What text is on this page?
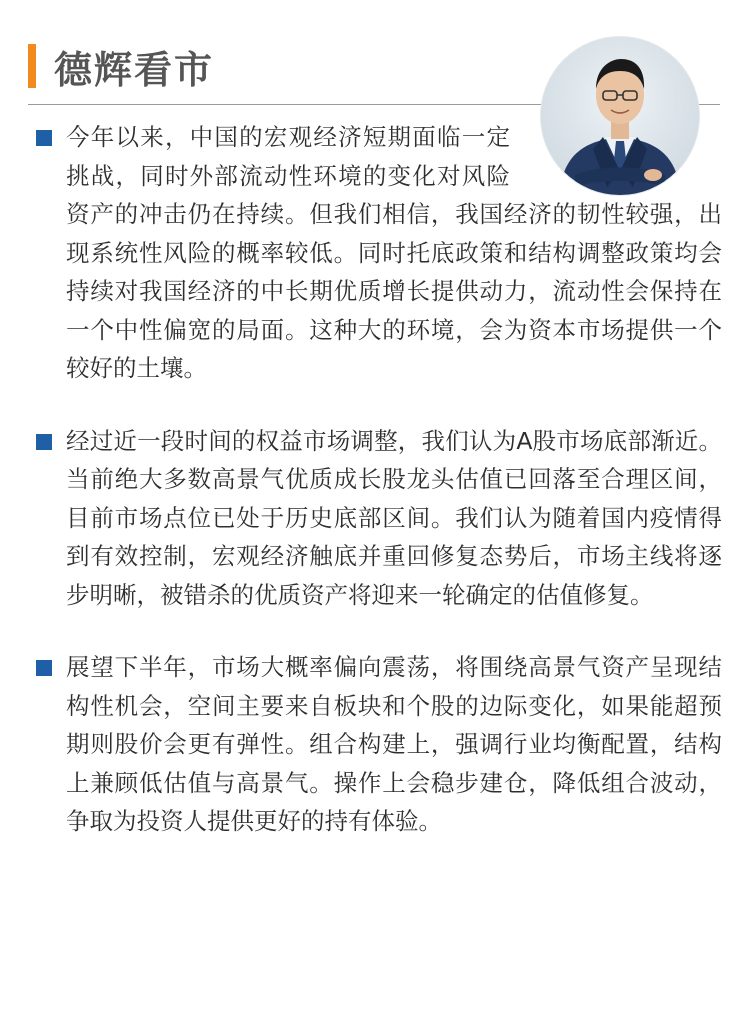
德辉看市

今年以来，中国的宏观经济短期面临一定挑战，同时外部流动性环境的变化对风险资产的冲击仍在持续。但我们相信，我国经济的韧性较强，出现系统性风险的概率较低。同时托底政策和结构调整政策均会持续对我国经济的中长期优质增长提供动力，流动性会保持在一个中性偏宽的局面。这种大的环境，会为资本市场提供一个较好的土壤。

经过近一段时间的权益市场调整，我们认为A股市场底部渐近。当前绝大多数高景气优质成长股龙头估值已回落至合理区间，目前市场点位已处于历史底部区间。我们认为随着国内疫情得到有效控制，宏观经济触底并重回修复态势后，市场主线将逐步明晰，被错杀的优质资产将迎来一轮确定的估值修复。

展望下半年，市场大概率偏向震荡，将围绕高景气资产呈现结构性机会，空间主要来自板块和个股的边际变化，如果能超预期则股价会更有弹性。组合构建上，强调行业均衡配置，结构上兼顾低估值与高景气。操作上会稳步建仓，降低组合波动，争取为投资人提供更好的持有体验。
